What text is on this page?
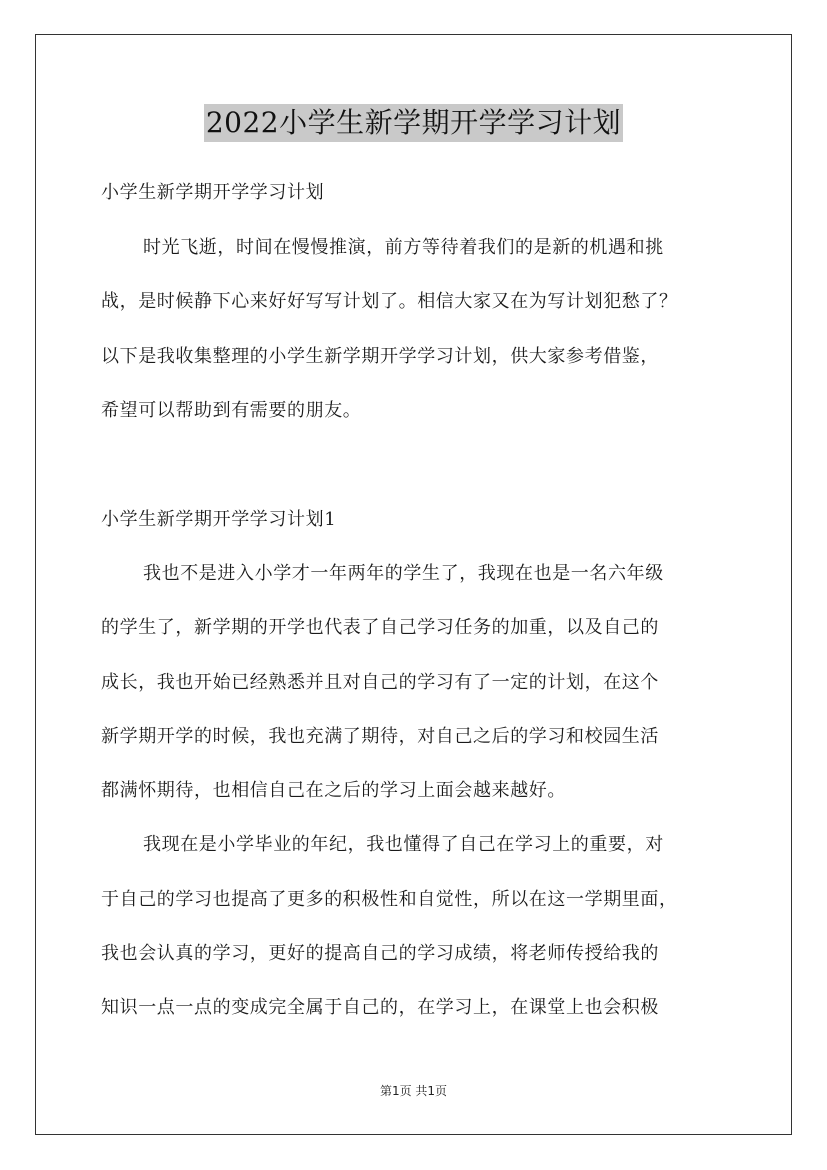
2022小学生新学期开学学习计划
小学生新学期开学学习计划
时光飞逝，时间在慢慢推演，前方等待着我们的是新的机遇和挑
战，是时候静下心来好好写写计划了。相信大家又在为写计划犯愁了？
以下是我收集整理的小学生新学期开学学习计划，供大家参考借鉴，
希望可以帮助到有需要的朋友。
小学生新学期开学学习计划1
我也不是进入小学才一年两年的学生了，我现在也是一名六年级
的学生了，新学期的开学也代表了自己学习任务的加重，以及自己的
成长，我也开始已经熟悉并且对自己的学习有了一定的计划，在这个
新学期开学的时候，我也充满了期待，对自己之后的学习和校园生活
都满怀期待，也相信自己在之后的学习上面会越来越好。
我现在是小学毕业的年纪，我也懂得了自己在学习上的重要，对
于自己的学习也提高了更多的积极性和自觉性，所以在这一学期里面，
我也会认真的学习，更好的提高自己的学习成绩，将老师传授给我的
知识一点一点的变成完全属于自己的，在学习上，在课堂上也会积极
第1页 共1页
